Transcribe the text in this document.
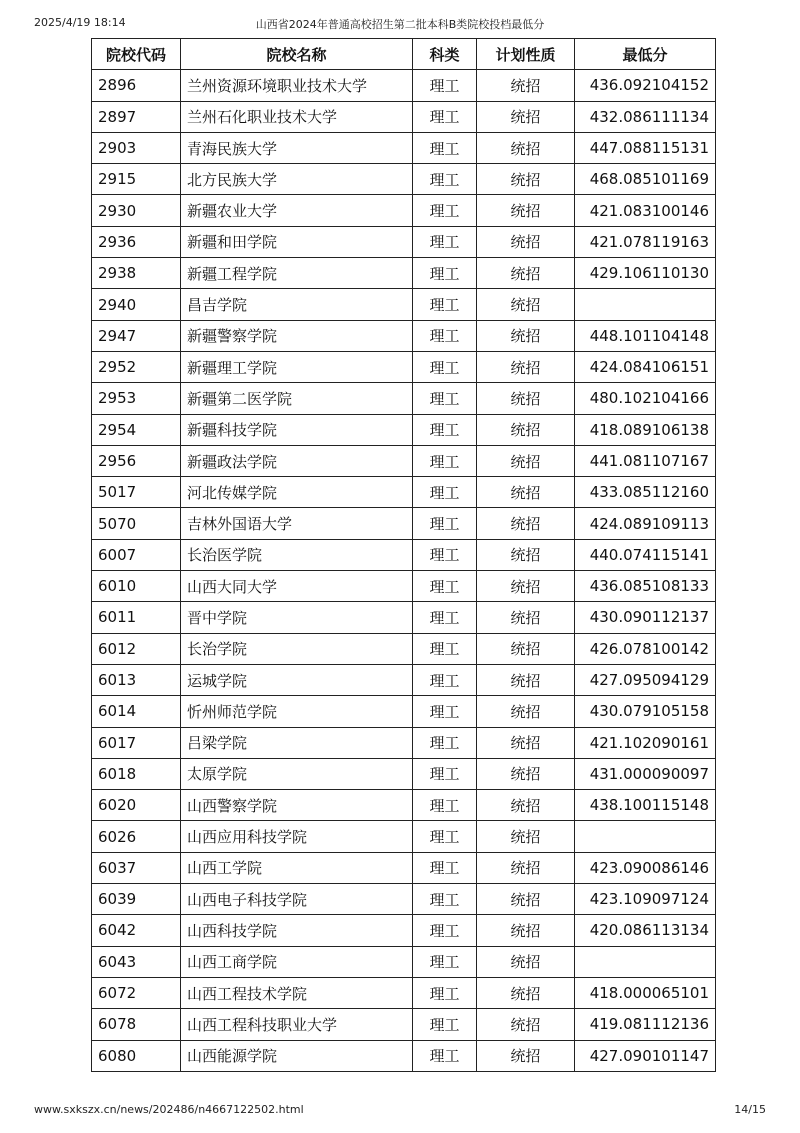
2025/4/19 18:14	山西省2024年普通高校招生第二批本科B类院校投档最低分
院校代码	院校名称	科类	计划性质	最低分
2896	兰州资源环境职业技术大学	理工	统招	436.092104152
2897	兰州石化职业技术大学	理工	统招	432.086111134
2903	青海民族大学	理工	统招	447.088115131
2915	北方民族大学	理工	统招	468.085101169
2930	新疆农业大学	理工	统招	421.083100146
2936	新疆和田学院	理工	统招	421.078119163
2938	新疆工程学院	理工	统招	429.106110130
2940	昌吉学院	理工	统招	
2947	新疆警察学院	理工	统招	448.101104148
2952	新疆理工学院	理工	统招	424.084106151
2953	新疆第二医学院	理工	统招	480.102104166
2954	新疆科技学院	理工	统招	418.089106138
2956	新疆政法学院	理工	统招	441.081107167
5017	河北传媒学院	理工	统招	433.085112160
5070	吉林外国语大学	理工	统招	424.089109113
6007	长治医学院	理工	统招	440.074115141
6010	山西大同大学	理工	统招	436.085108133
6011	晋中学院	理工	统招	430.090112137
6012	长治学院	理工	统招	426.078100142
6013	运城学院	理工	统招	427.095094129
6014	忻州师范学院	理工	统招	430.079105158
6017	吕梁学院	理工	统招	421.102090161
6018	太原学院	理工	统招	431.000090097
6020	山西警察学院	理工	统招	438.100115148
6026	山西应用科技学院	理工	统招	
6037	山西工学院	理工	统招	423.090086146
6039	山西电子科技学院	理工	统招	423.109097124
6042	山西科技学院	理工	统招	420.086113134
6043	山西工商学院	理工	统招	
6072	山西工程技术学院	理工	统招	418.000065101
6078	山西工程科技职业大学	理工	统招	419.081112136
6080	山西能源学院	理工	统招	427.090101147
www.sxkszx.cn/news/202486/n4667122502.html	14/15
